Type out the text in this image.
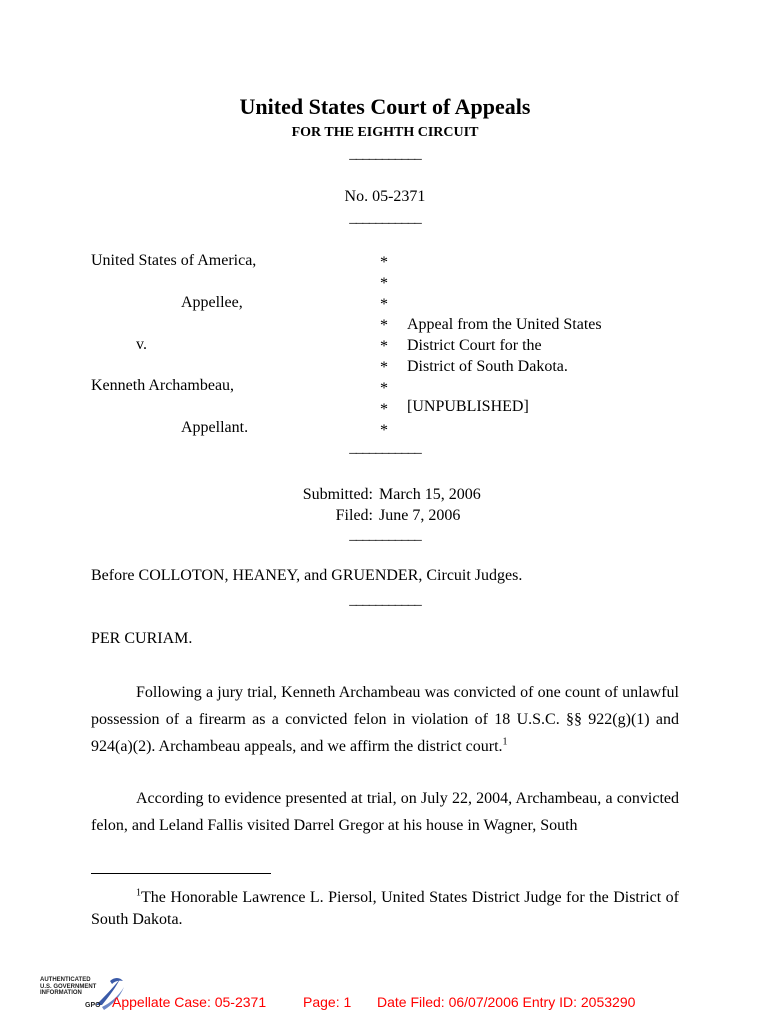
United States Court of Appeals
FOR THE EIGHTH CIRCUIT
___________
No. 05-2371
___________
United States of America,
Appellee,
v.
Kenneth Archambeau,
Appellant.
*
*
*
*
*
*
*
*
*
Appeal from the United States
District Court for the
District of South Dakota.
[UNPUBLISHED]
___________
Submitted: March 15, 2006
Filed: June 7, 2006
___________
Before COLLOTON, HEANEY, and GRUENDER, Circuit Judges.
___________
PER CURIAM.
Following a jury trial, Kenneth Archambeau was convicted of one count of unlawful possession of a firearm as a convicted felon in violation of 18 U.S.C. §§ 922(g)(1) and 924(a)(2). Archambeau appeals, and we affirm the district court.$^1$
According to evidence presented at trial, on July 22, 2004, Archambeau, a convicted felon, and Leland Fallis visited Darrel Gregor at his house in Wagner, South
$^1$The Honorable Lawrence L. Piersol, United States District Judge for the District of South Dakota.
AUTHENTICATED
U.S. GOVERNMENT
INFORMATION
GPO Appellate Case: 05-2371	Page: 1 Date Filed: 06/07/2006 Entry ID: 2053290
